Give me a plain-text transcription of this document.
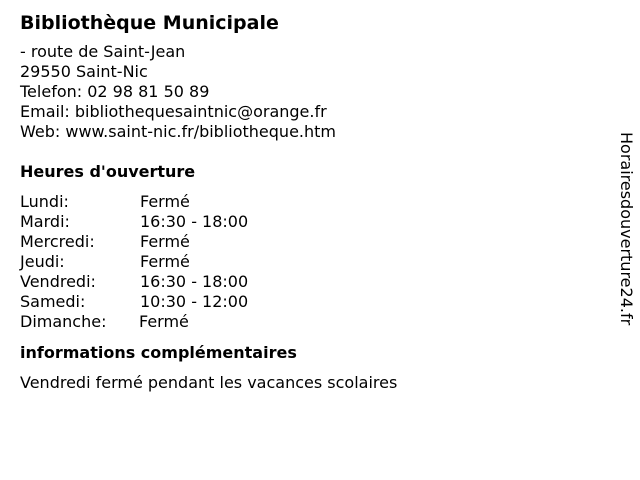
Bibliothèque Municipale
- route de Saint-Jean
29550 Saint-Nic
Telefon: 02 98 81 50 89
Email: bibliothequesaintnic@orange.fr
Web: www.saint-nic.fr/bibliotheque.htm
Heures d'ouverture
Lundi:	Fermé
Mardi:	16:30 - 18:00
Mercredi:	Fermé
Jeudi:	Fermé
Vendredi:	16:30 - 18:00
Samedi:	10:30 - 12:00
Dimanche:	Fermé
informations complémentaires
Vendredi fermé pendant les vacances scolaires
Horairesdouverture24.fr
